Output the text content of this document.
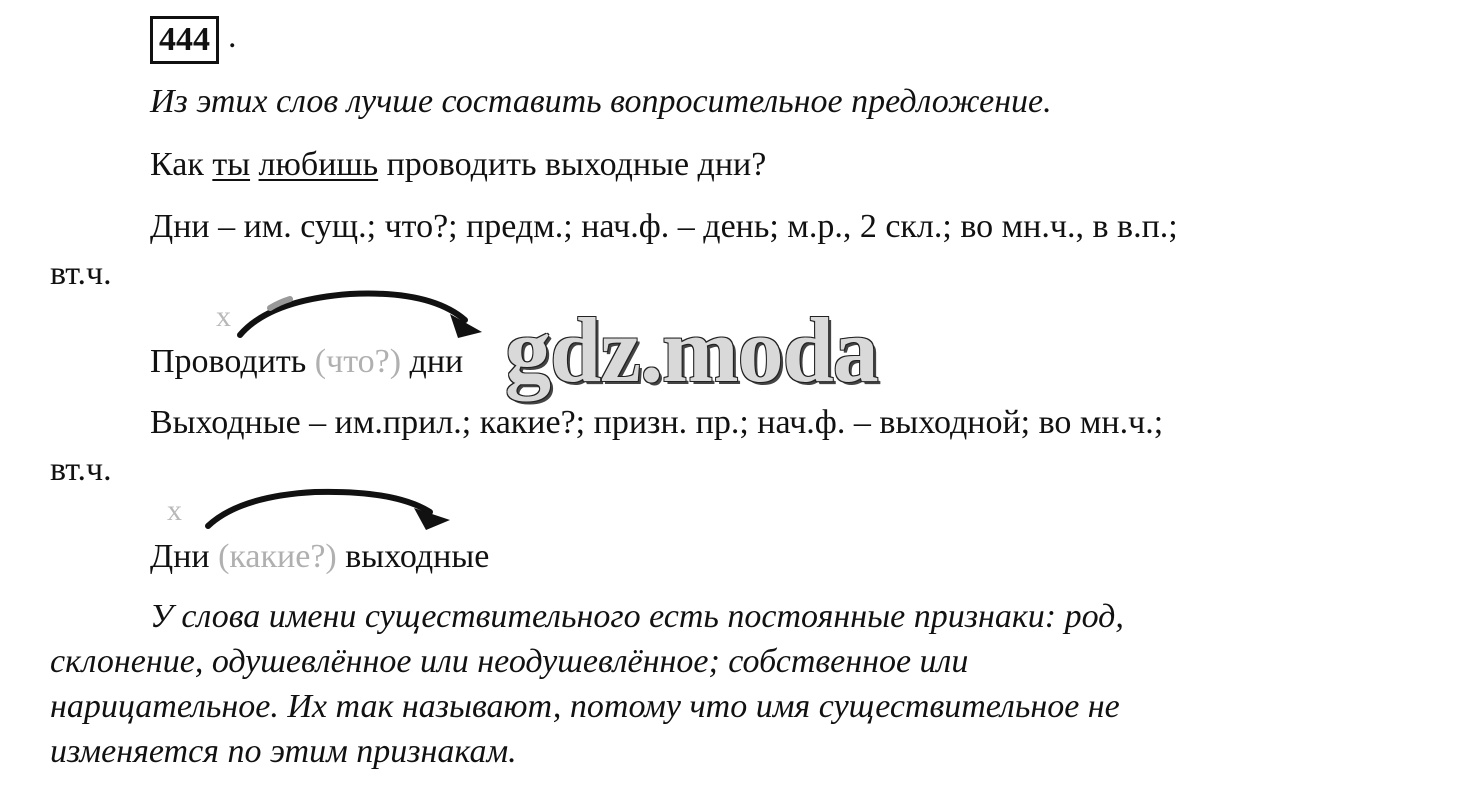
444 .
Из этих слов лучше составить вопросительное предложение.
Как ты любишь проводить выходные дни?
Дни – им. сущ.; что?; предм.; нач.ф. – день; м.р., 2 скл.; во мн.ч., в в.п.;
вт.ч.
х
Проводить (что?) дни
Выходные – им.прил.; какие?; призн. пр.; нач.ф. – выходной; во мн.ч.;
вт.ч.
х
Дни (какие?) выходные
У слова имени существительного есть постоянные признаки: род,
склонение, одушевлённое или неодушевлённое; собственное или
нарицательное. Их так называют, потому что имя существительное не
изменяется по этим признакам.
gdz.moda
